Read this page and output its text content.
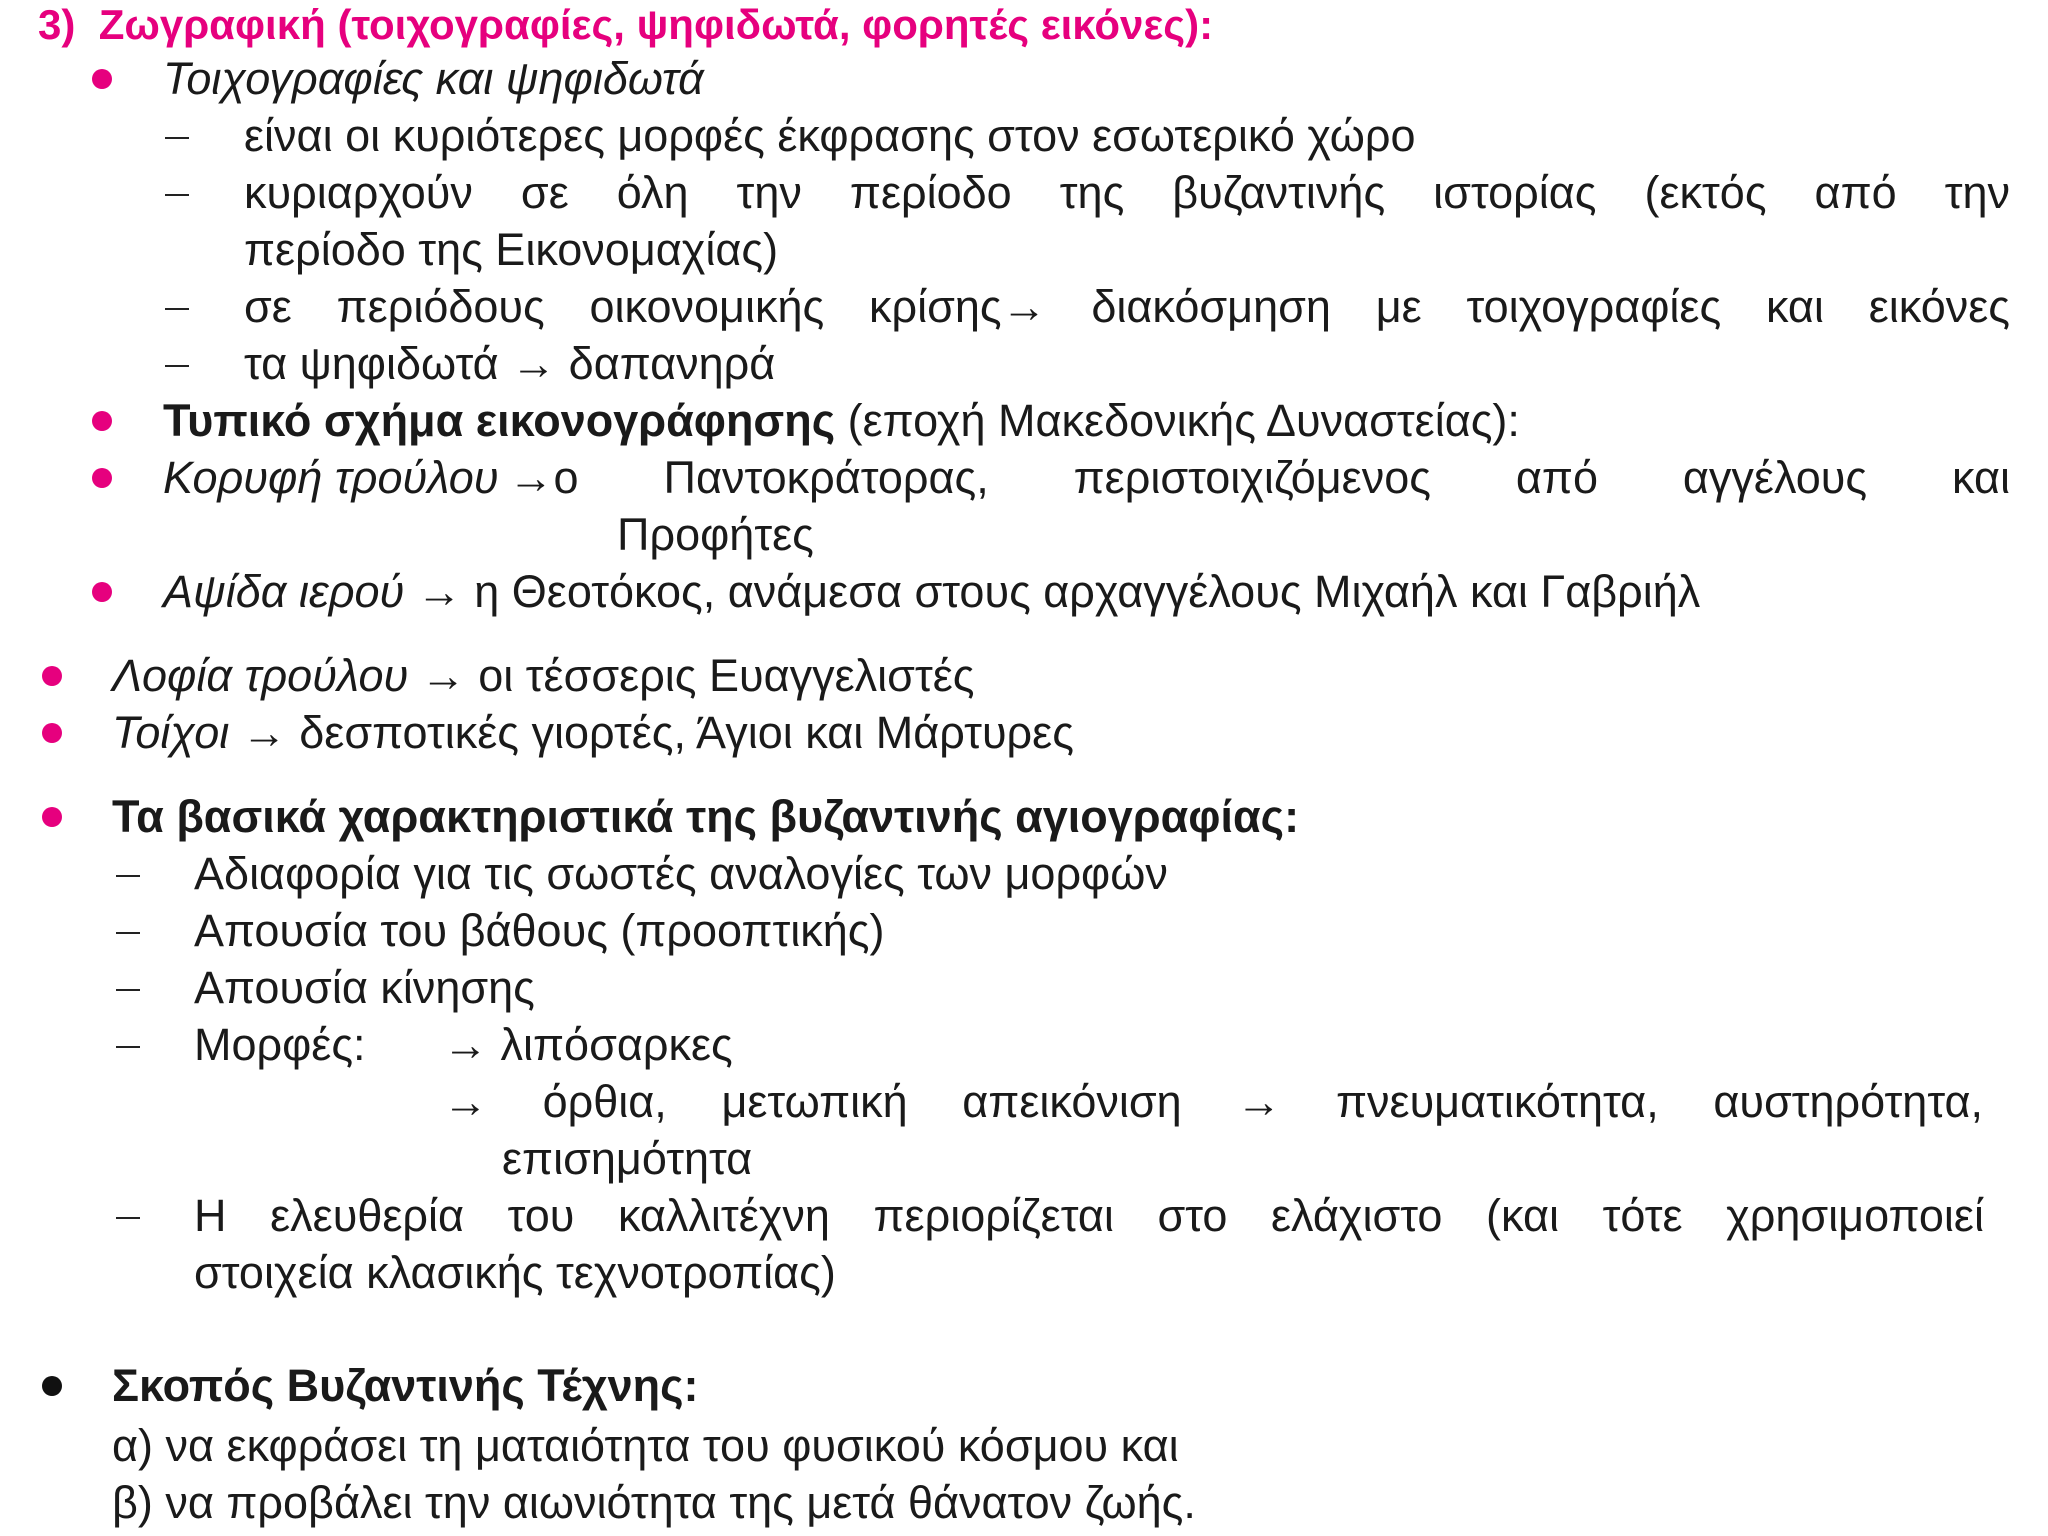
3) Ζωγραφική (τοιχογραφίες, ψηφιδωτά, φορητές εικόνες):
Τοιχογραφίες και ψηφιδωτά
είναι οι κυριότερες μορφές έκφρασης στον εσωτερικό χώρο
κυριαρχούν σε όλη την περίοδο της βυζαντινής ιστορίας (εκτός από την
περίοδο της Εικονομαχίας)
σε περιόδους οικονομικής κρίσης→ διακόσμηση με τοιχογραφίες και εικόνες
τα ψηφιδωτά → δαπανηρά
Τυπικό σχήμα εικονογράφησης (εποχή Μακεδονικής Δυναστείας):
Κορυφή τρούλου →ο Παντοκράτορας, περιστοιχιζόμενος από αγγέλους και
Προφήτες
Αψίδα ιερού → η Θεοτόκος, ανάμεσα στους αρχαγγέλους Μιχαήλ και Γαβριήλ
Λοφία τρούλου → οι τέσσερις Ευαγγελιστές
Τοίχοι → δεσποτικές γιορτές, Άγιοι και Μάρτυρες
Τα βασικά χαρακτηριστικά της βυζαντινής αγιογραφίας:
Αδιαφορία για τις σωστές αναλογίες των μορφών
Απουσία του βάθους (προοπτικής)
Απουσία κίνησης
Μορφές: → λιπόσαρκες
→ όρθια, μετωπική απεικόνιση → πνευματικότητα, αυστηρότητα,
επισημότητα
Η ελευθερία του καλλιτέχνη περιορίζεται στο ελάχιστο (και τότε χρησιμοποιεί
στοιχεία κλασικής τεχνοτροπίας)
Σκοπός Βυζαντινής Τέχνης:
α) να εκφράσει τη ματαιότητα του φυσικού κόσμου και
β) να προβάλει την αιωνιότητα της μετά θάνατον ζωής.
